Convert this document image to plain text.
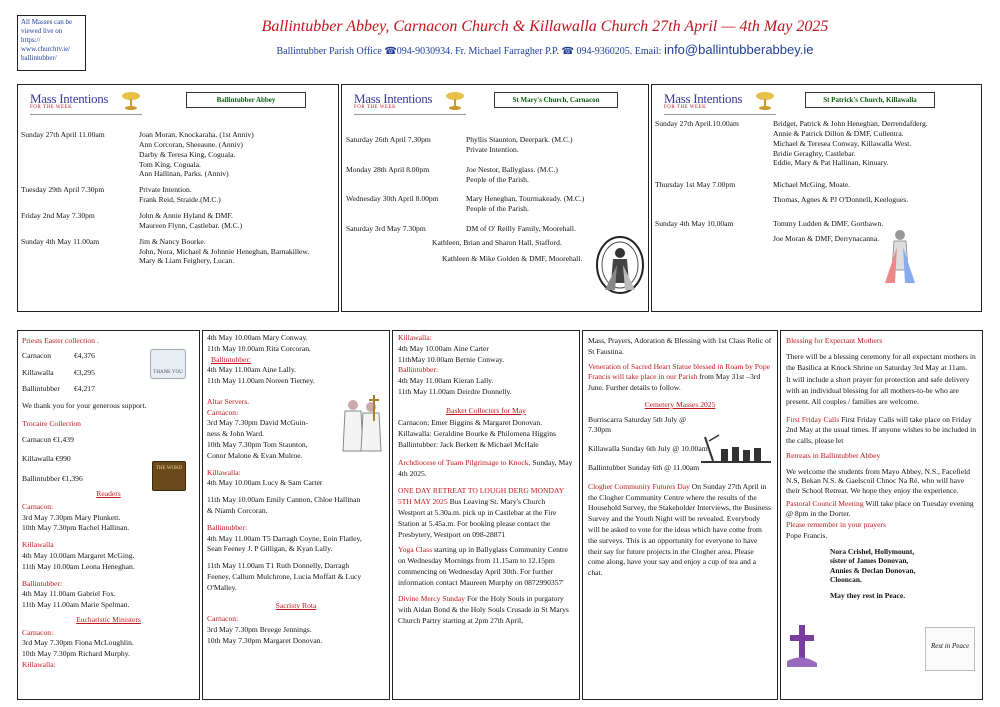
All Masses can be
viewed live on
https://
www.churchtv.ie/
ballintubber/
Ballintubber Abbey, Carnacon Church & Killawalla Church 27th April — 4th May 2025
Ballintubber Parish Office ☎094-9030934. Fr. Michael Farragher P.P. ☎ 094-9360205. Email: info@ballintubberabbey.ie
Mass Intentions
FOR THE WEEK
Ballintubber Abbey
Sunday 27th April 11.00am	Joan Moran, Knockaraha. (1st Anniv)
Ann Corcoran, Sheeaune. (Anniv)
Darby & Teresa King, Coguala.
Tom King, Coguala.
Ann Hallinan, Parks. (Anniv)
Tuesday 29th April 7.30pm	Private Intention.
Frank Reid, Straide.(M.C.)
Friday 2nd May 7.30pm	John & Annie Hyland & DMF.
Maureen Flynn, Castlebar. (M.C.)
Sunday 4th May 11.00am	Jim & Nancy Bourke.
John, Nora, Michael & Johnnie Heneghan, Barnakillew.
Mary & Liam Feighery, Lucan.
Mass Intentions
FOR THE WEEK
St Mary's Church, Carnacon
Saturday 26th April 7.30pm	Phyllis Staunton, Deerpark. (M.C.)
Private Intention.
Monday 28th April 8.00pm	Joe Nestor, Ballyglass. (M.C.)
People of the Parish.
Wednesday 30th April 8.00pm	Mary Heneghan, Tourmakeady. (M.C.)
People of the Parish.
Saturday 3rd May 7.30pm	DM of O' Reilly Family, Moorehall.
Kathleen, Brian and Sharon Hall, Stafford.
Kathleen & Mike Golden & DMF, Moorehall.
Mass Intentions
FOR THE WEEK
St Patrick's Church, Killawalla
Sunday 27th April.10.00am	Bridget, Patrick & John Heneghan, Derrendafderg.
Annie & Patrick Dillon & DMF, Cullentra.
Michael & Teresea Conway, Killawalla West.
Bridie Geraghty, Castlebar.
Eddie, Mary & Pat Hallinan, Kinuary.
Thursday 1st May 7.00pm	Michael McGing, Moate.
Thomas, Agnes & PJ O'Donnell, Keelogues.
Sunday 4th May 10.00am	Tommy Ludden & DMF, Gortbawn.
Joe Moran & DMF, Derrynacanna.
Priests Easter collection .
Carnacon	€4,376
Killawalla	€3,295
Ballintubber	€4,217
We thank you for your generous support.
Trocaire Collection
Carnacon €1,439
Killawalla €990
Ballintubber €1,396
Readers
Carnacon:
3rd May 7.30pm Mary Plunkett.
10th May 7.30pm Rachel Hallinan.
Killawalla
4th May 10.00am Margaret McGing.
11th May 10.00am Leona Heneghan.
Ballintubber:
4th May 11.00am Gabriel Fox.
11th May 11.00am Marie Spelman.
Eucharistic Ministers
Carnacon:
3rd May 7.30pm Fiona McLoughlin.
10th May 7.30pm Richard Murphy.
Killawalla:
THANK YOU
THE WORD
4th May 10.00am Mary Conway.
11th May 10.00am Rita Corcoran.
Ballintubber:
4th May 11.00am Aine Lally.
11th May 11.00am Noreen Tierney.
Altar Servers.
Carnacon:
3rd May 7.30pm David McGuin-
ness & John Ward.
10th May 7.30pm Tom Staunton,
Conor Malone & Evan Mulroe.
Killawalla:
4th May 10.00am Lucy & Sam Carter
11th May 10.00am Emily Cannon, Chloe Hallinan
& Niamh Corcoran.
Ballintubber:
4th May 11.00am T5 Darragh Coyne, Eoin Flatley,
Sean Feeney J. P Gilligan, & Kyan Lally.
11th May 11.00am T1 Ruth Donnelly, Darragh
Feeney, Callum Mulchrone, Lucia Moffatt & Lucy
O'Malley.
Sacristy Rota
Carnacon:
3rd May 7.30pm Breege Jennings.
10th May 7.30pm Margaret Donovan.
Killawalla:
4th May 10.00am Aine Carter
11thMay 10.00am Bernie Conway.
Ballintubber:
4th May 11.00am Kieran Lally.
11th May 11.00am Deirdre Donnelly.
Basket Collecters for May
Carnacon; Emer Biggins & Margaret Donovan.
Killawalla: Geraldine Bourke & Philomena Higgins
Ballintubber: Jack Berkett & Michael McHale
Archdiocese of Tuam Pilgrimage to Knock, Sunday, May 4th 2025.
ONE DAY RETREAT TO LOUGH DERG MONDAY 5TH MAY 2025 Bus Leaving St. Mary's Church Westport at 5.30a.m. pick up in Castlebar at the Fire Station at 5.45a.m. For booking please contact the Presbytery, Westport on 098-28871
Yoga Class starting up in Ballyglass Community Centre on Wednesday Mornings from 11.15am to 12.15pm commencing on Wednesday April 30th. For further information contact Maureen Murphy on 0872990357'
Divine Mercy Sunday For the Holy Souls in purgatory with Aidan Bond & the Holy Souls Crusade in St Marys Church Partry starting at 2pm 27th April,
Mass, Prayers, Adoration & Blessing with 1st Class Relic of St Faustina.
Veneration of Sacred Heart Statue blessed in Roam by Pope Francis will take place in our Parish from May 31st –3rd June. Further details to follow.
Cemetery Masses 2025
Burriscarra Saturday 5th July @ 7.30pm
Killawalla Sunday 6th July @ 10.00am
Ballintubber Sunday 6th @ 11.00am
Clogher Community Futures Day On Sunday 27th April in the Clogher Community Centre where the results of the Household Survey, the Stakeholder Interviews, the Business Survey and the Youth Night will be revealed. Everybody will be asked to vote for the ideas which have come from the surveys. This is an opportunity for everyone to have their say for future projects in the Clogher area. Please come along, have your say and enjoy a cup of tea and a chat.
Blessing for Expectant Mothers
There will be a blessing ceremony for all expectant mothers in the Basilica at Knock Shrine on Saturday 3rd May at 11am.
It will include a short prayer for protection and safe delivery with an individual blessing for all mothers-to-be who are present. All couples / families are welcome.
First Friday Calls First Friday Calls will take place on Friday 2nd May at the usual times. If anyone wishes to be included in the calls, please let
Retreats in Ballintubber Abbey
We welcome the students from Mayo Abbey, N.S., Facefield N.S, Bekan N.S. & Gaelscoil Chnoc Na Ré, who will have their School Retreat. We hope they enjoy the experience.
Pastoral Council Meeting Will take place on Tuesday evening @ 8pm in the Dorter.
Please remember in your prayers
Pope Francis.
Nora Crishel, Hollymount,
sister of James Donovan,
Annies & Declan Donovan,
Clooncan.
May they rest in Peace.
Rest in Peace
